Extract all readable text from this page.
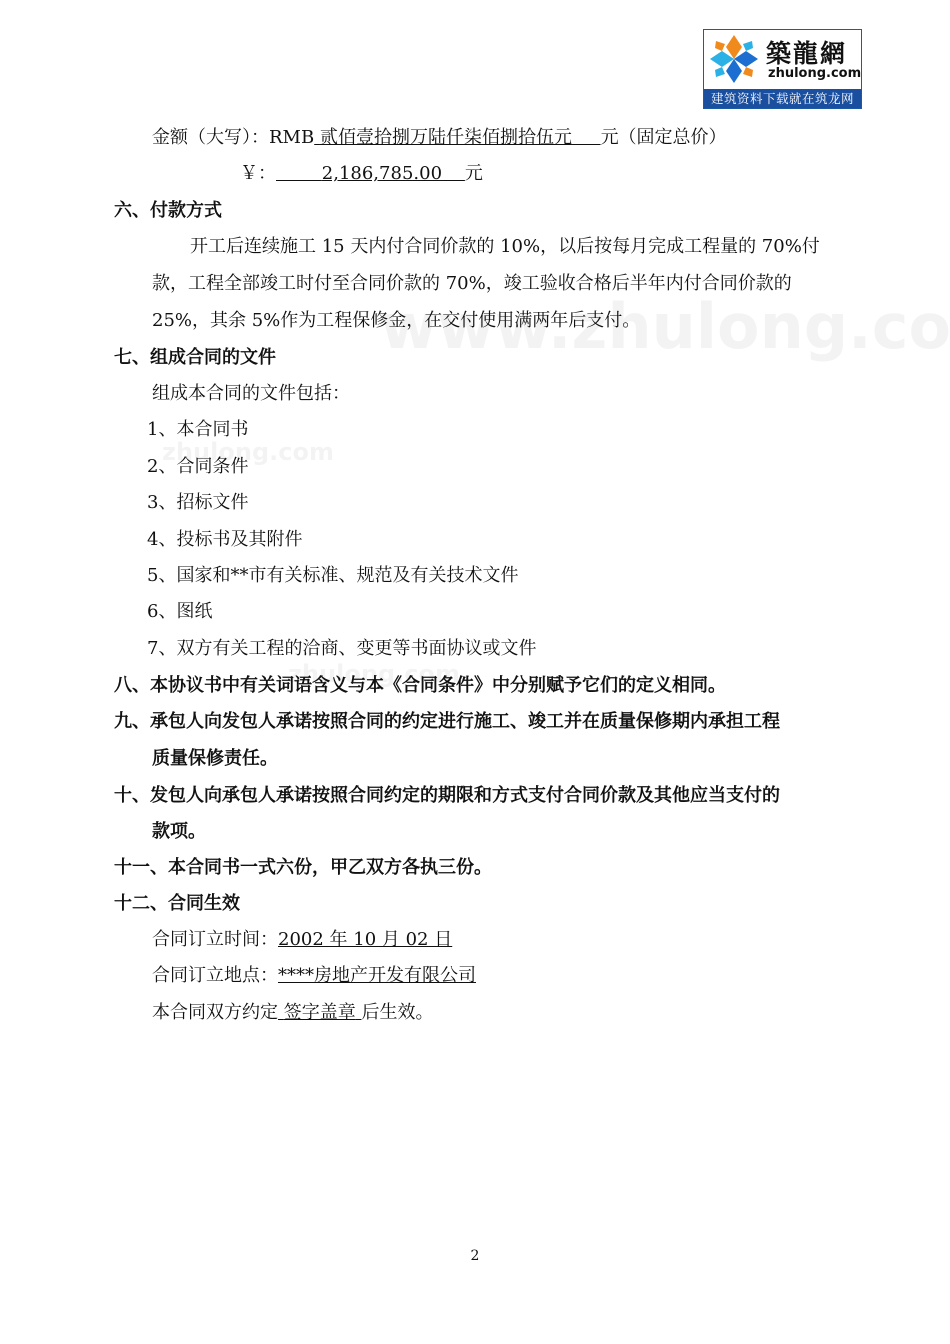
築龍網
zhulong.com
建筑资料下载就在筑龙网
金额（大写）：RMB 贰佰壹拾捌万陆仟柒佰捌拾伍元 元（固定总价）
￥：	2,186,785.00 元
六、付款方式
开工后连续施工 15 天内付合同价款的 10%，以后按每月完成工程量的 70%付
款，工程全部竣工时付至合同价款的 70%，竣工验收合格后半年内付合同价款的
25%，其余 5%作为工程保修金，在交付使用满两年后支付。
七、组成合同的文件
组成本合同的文件包括：
1、本合同书
2、合同条件
3、招标文件
4、投标书及其附件
5、国家和**市有关标准、规范及有关技术文件
6、图纸
7、双方有关工程的洽商、变更等书面协议或文件
八、本协议书中有关词语含义与本《合同条件》中分别赋予它们的定义相同。
九、承包人向发包人承诺按照合同的约定进行施工、竣工并在质量保修期内承担工程
质量保修责任。
十、发包人向承包人承诺按照合同约定的期限和方式支付合同价款及其他应当支付的
款项。
十一、本合同书一式六份，甲乙双方各执三份。
十二、合同生效
合同订立时间：2002 年 10 月 02 日
合同订立地点：****房地产开发有限公司
本合同双方约定 签字盖章 后生效。
2
